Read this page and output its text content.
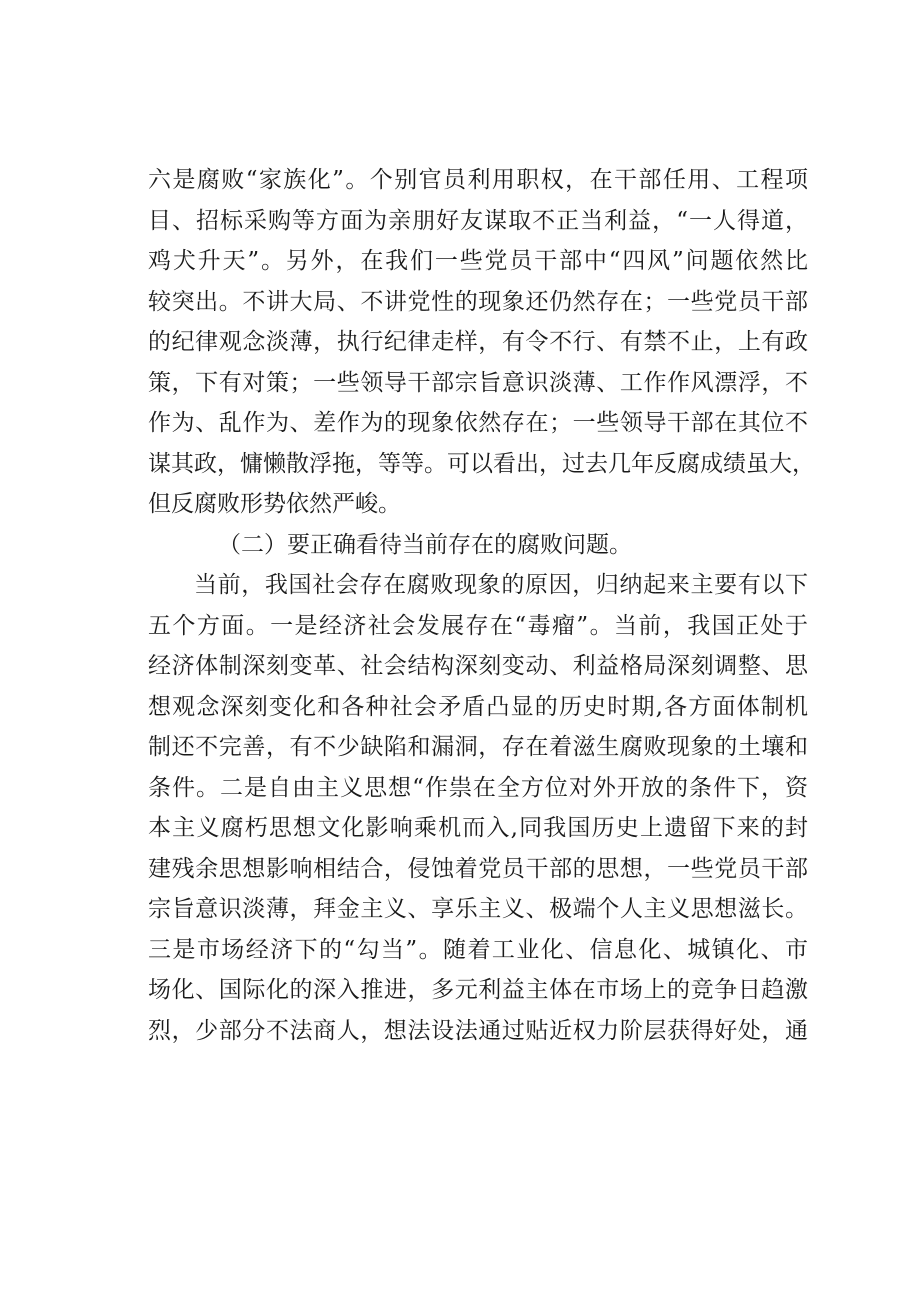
六是腐败“家族化”。个别官员利用职权，在干部任用、工程项
目、招标采购等方面为亲朋好友谋取不正当利益，“一人得道，
鸡犬升天”。另外，在我们一些党员干部中“四风”问题依然比
较突出。不讲大局、不讲党性的现象还仍然存在；一些党员干部
的纪律观念淡薄，执行纪律走样，有令不行、有禁不止，上有政
策，下有对策；一些领导干部宗旨意识淡薄、工作作风漂浮，不
作为、乱作为、差作为的现象依然存在；一些领导干部在其位不
谋其政，慵懒散浮拖，等等。可以看出，过去几年反腐成绩虽大，
但反腐败形势依然严峻。
（二）要正确看待当前存在的腐败问题。
当前，我国社会存在腐败现象的原因，归纳起来主要有以下
五个方面。一是经济社会发展存在“毒瘤”。当前，我国正处于
经济体制深刻变革、社会结构深刻变动、利益格局深刻调整、思
想观念深刻变化和各种社会矛盾凸显的历史时期,各方面体制机
制还不完善，有不少缺陷和漏洞，存在着滋生腐败现象的土壤和
条件。二是自由主义思想“作祟在全方位对外开放的条件下，资
本主义腐朽思想文化影响乘机而入,同我国历史上遗留下来的封
建残余思想影响相结合，侵蚀着党员干部的思想，一些党员干部
宗旨意识淡薄，拜金主义、享乐主义、极端个人主义思想滋长。
三是市场经济下的“勾当”。随着工业化、信息化、城镇化、市
场化、国际化的深入推进，多元利益主体在市场上的竞争日趋激
烈，少部分不法商人，想法设法通过贴近权力阶层获得好处，通
